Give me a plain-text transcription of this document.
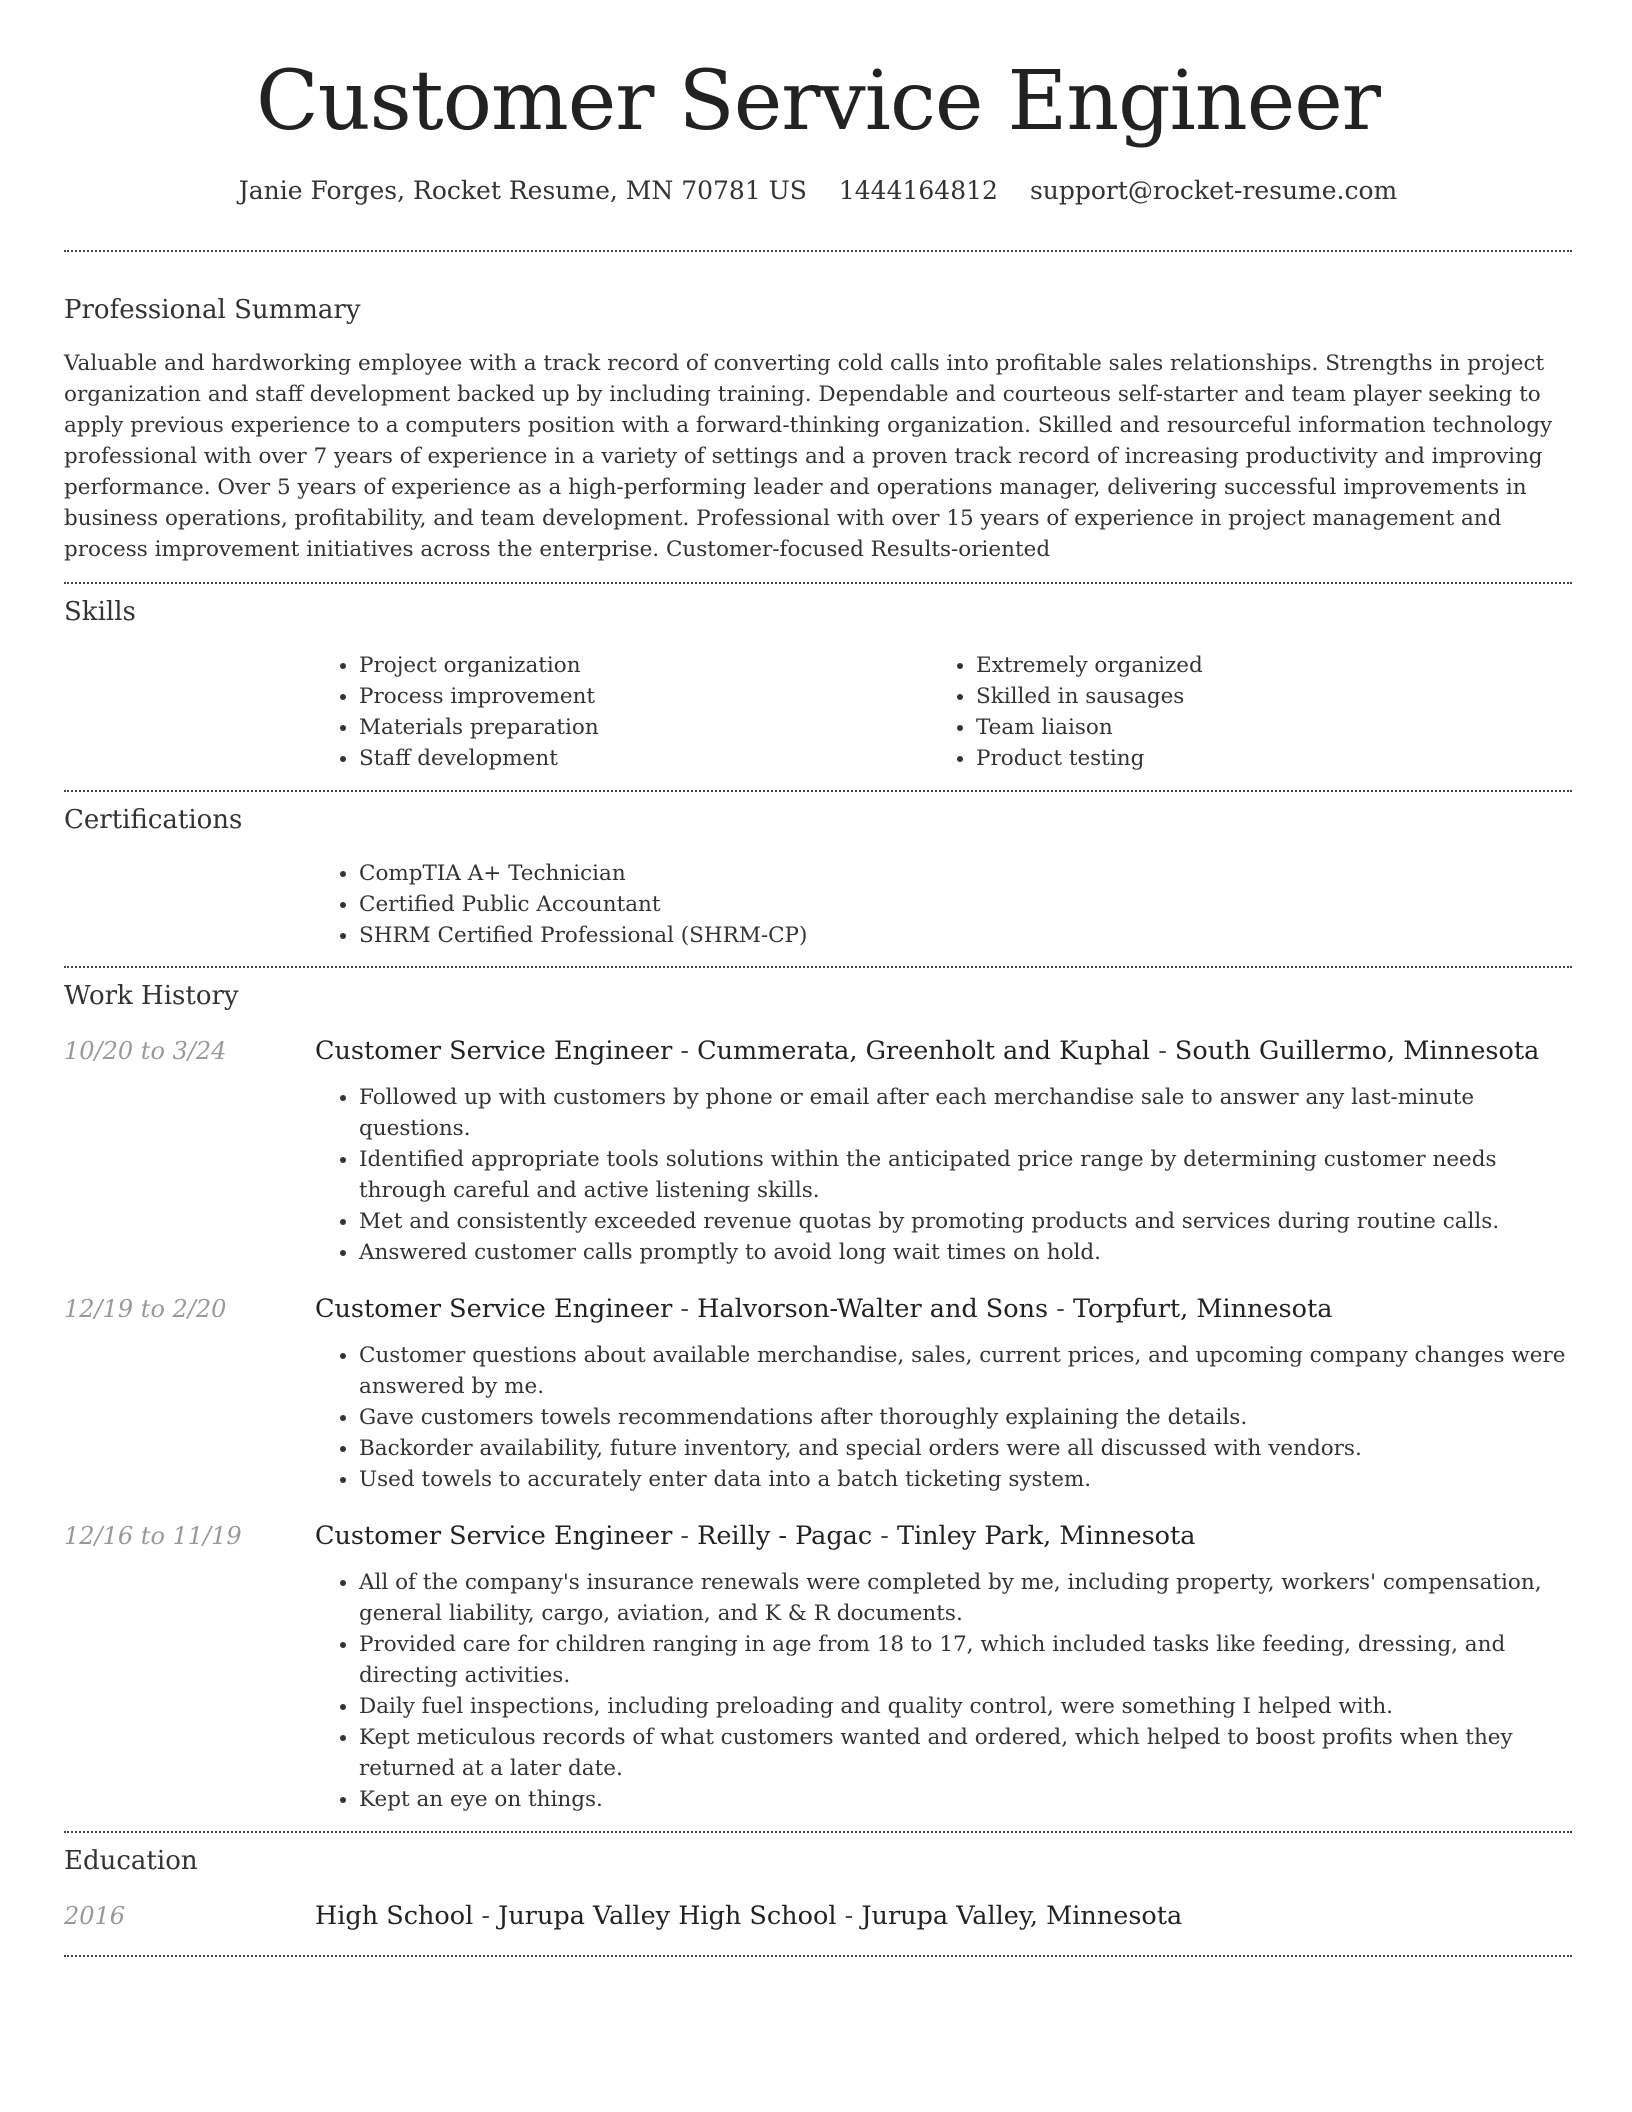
Customer Service Engineer
Janie Forges, Rocket Resume, MN 70781 US 1444164812 support@rocket-resume.com
Professional Summary

Valuable and hardworking employee with a track record of converting cold calls into profitable sales relationships. Strengths in project organization and staff development backed up by including training. Dependable and courteous self-starter and team player seeking to apply previous experience to a computers position with a forward-thinking organization. Skilled and resourceful information technology professional with over 7 years of experience in a variety of settings and a proven track record of increasing productivity and improving performance. Over 5 years of experience as a high-performing leader and operations manager, delivering successful improvements in business operations, profitability, and team development. Professional with over 15 years of experience in project management and process improvement initiatives across the enterprise. Customer-focused Results-oriented

Skills
• Project organization
• Process improvement
• Materials preparation
• Staff development
• Extremely organized
• Skilled in sausages
• Team liaison
• Product testing
Certifications
• CompTIA A+ Technician
• Certified Public Accountant
• SHRM Certified Professional (SHRM-CP)
Work History
10/20 to 3/24	Customer Service Engineer - Cummerata, Greenholt and Kuphal - South Guillermo, Minnesota
• Followed up with customers by phone or email after each merchandise sale to answer any last-minute questions.
• Identified appropriate tools solutions within the anticipated price range by determining customer needs through careful and active listening skills.
• Met and consistently exceeded revenue quotas by promoting products and services during routine calls.
• Answered customer calls promptly to avoid long wait times on hold.
12/19 to 2/20	Customer Service Engineer - Halvorson-Walter and Sons - Torpfurt, Minnesota
• Customer questions about available merchandise, sales, current prices, and upcoming company changes were answered by me.
• Gave customers towels recommendations after thoroughly explaining the details.
• Backorder availability, future inventory, and special orders were all discussed with vendors.
• Used towels to accurately enter data into a batch ticketing system.
12/16 to 11/19	Customer Service Engineer - Reilly - Pagac - Tinley Park, Minnesota
• All of the company's insurance renewals were completed by me, including property, workers' compensation, general liability, cargo, aviation, and K & R documents.
• Provided care for children ranging in age from 18 to 17, which included tasks like feeding, dressing, and directing activities.
• Daily fuel inspections, including preloading and quality control, were something I helped with.
• Kept meticulous records of what customers wanted and ordered, which helped to boost profits when they returned at a later date.
• Kept an eye on things.
Education
2016	High School - Jurupa Valley High School - Jurupa Valley, Minnesota
